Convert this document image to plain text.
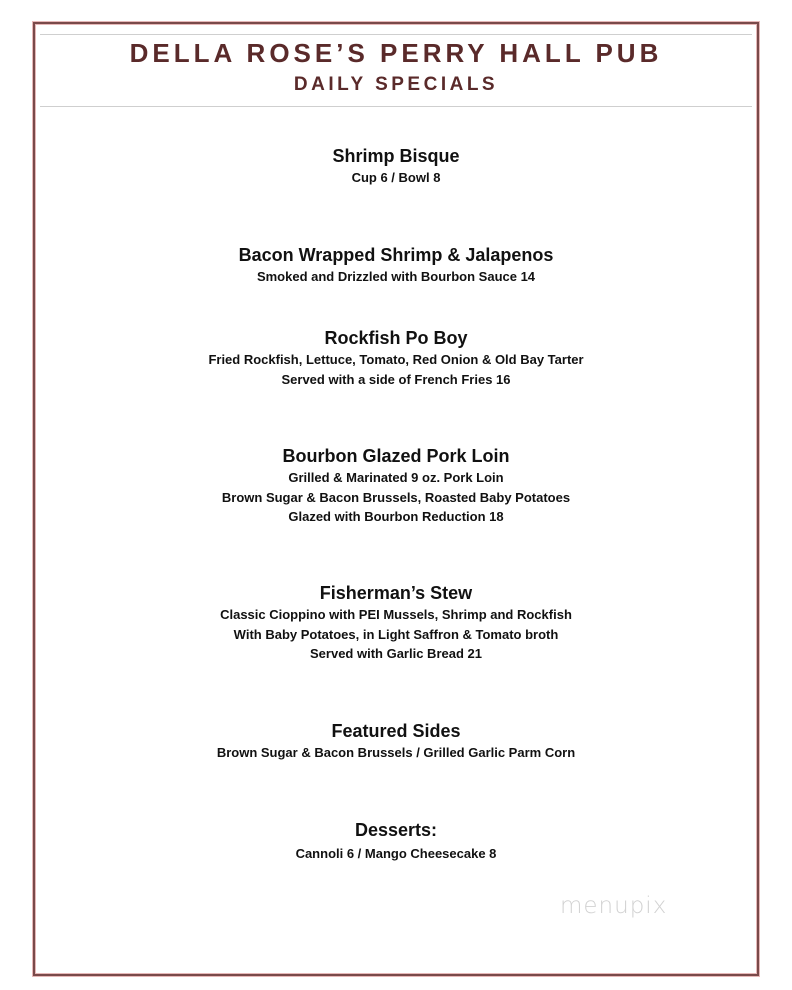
DELLA ROSE’S PERRY HALL PUB
DAILY SPECIALS
Shrimp Bisque
Cup 6 / Bowl 8
Bacon Wrapped Shrimp & Jalapenos
Smoked and Drizzled with Bourbon Sauce 14
Rockfish Po Boy
Fried Rockfish, Lettuce, Tomato, Red Onion & Old Bay Tarter
Served with a side of French Fries 16
Bourbon Glazed Pork Loin
Grilled & Marinated 9 oz. Pork Loin
Brown Sugar & Bacon Brussels, Roasted Baby Potatoes
Glazed with Bourbon Reduction 18
Fisherman’s Stew
Classic Cioppino with PEI Mussels, Shrimp and Rockfish
With Baby Potatoes, in Light Saffron & Tomato broth
Served with Garlic Bread 21
Featured Sides
Brown Sugar & Bacon Brussels / Grilled Garlic Parm Corn
Desserts:
Cannoli 6 / Mango Cheesecake 8
menupix
